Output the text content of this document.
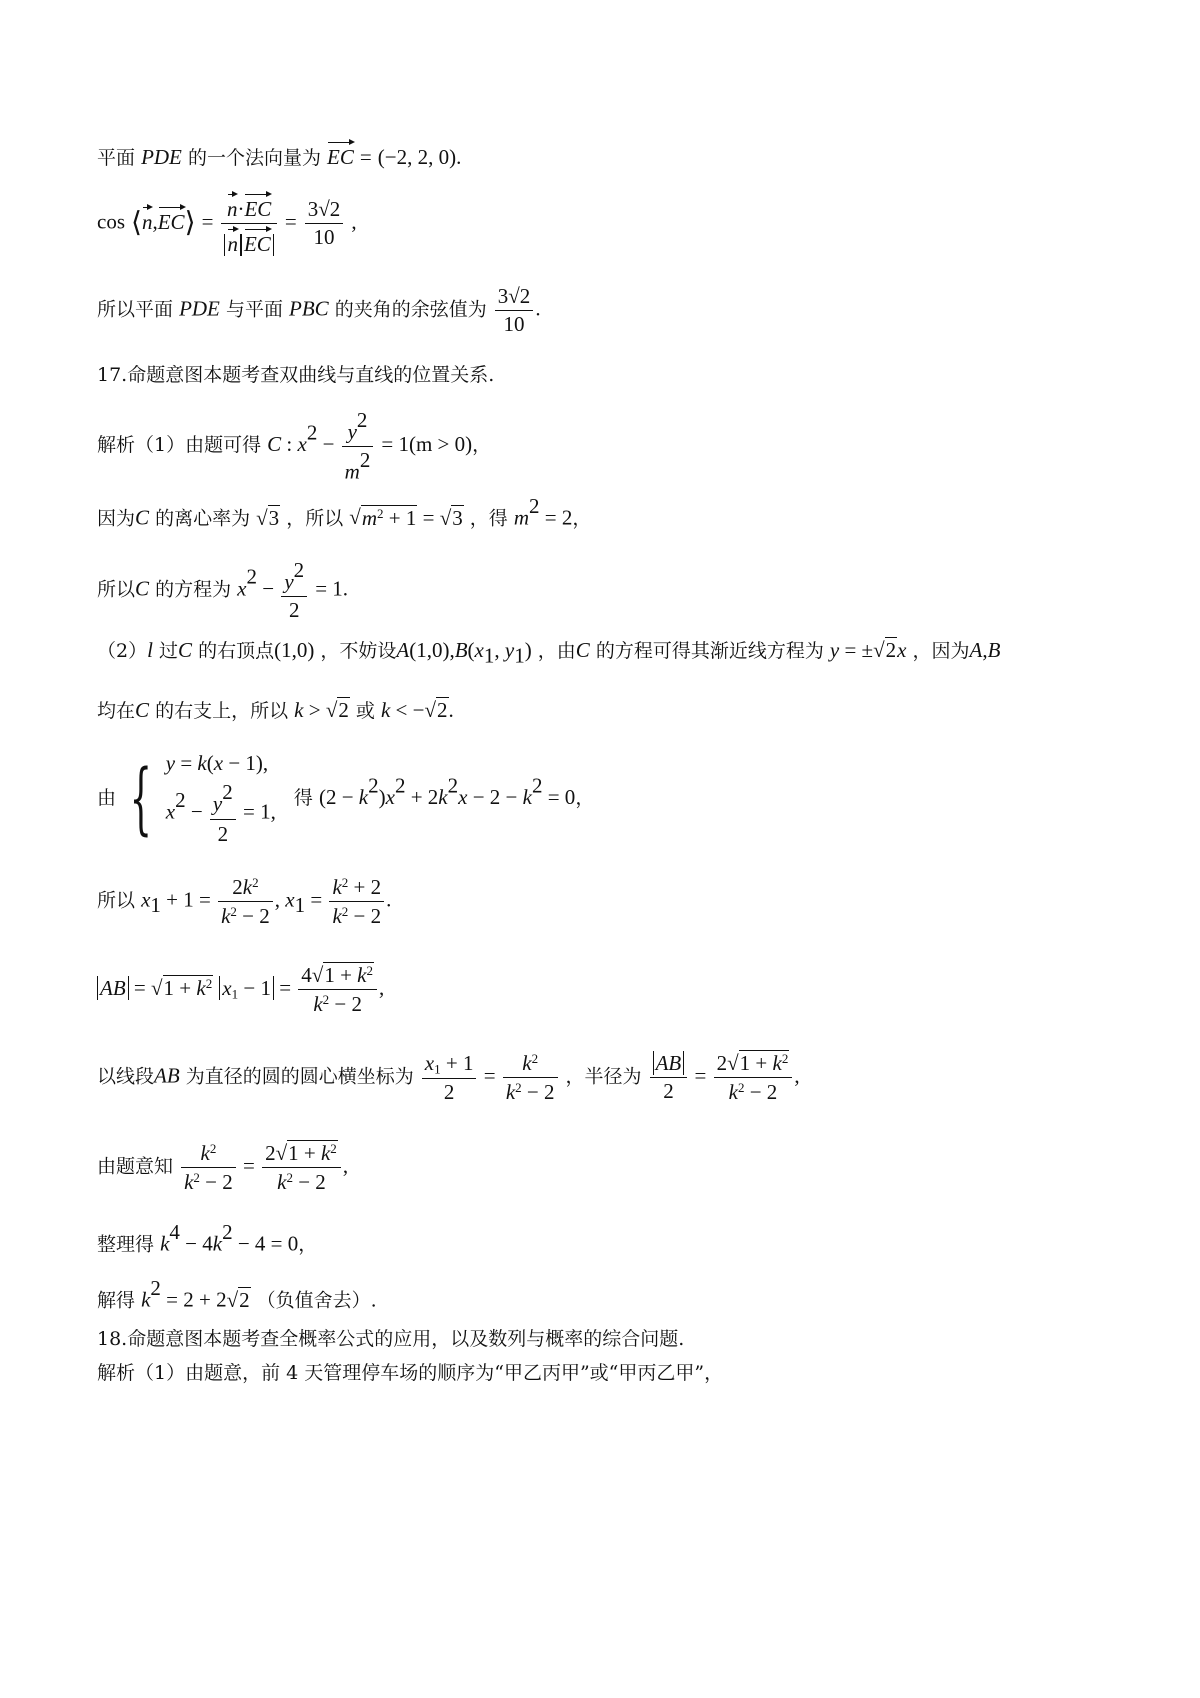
平面 PDE 的一个法向量为 EC = (−2, 2, 0).
cos ⟨n,EC⟩ = $\frac{n\cdot EC}{\text{n EC}} = \frac{3√2}{10}$ ,
所以平面 PDE 与平面 PBC 的夹角的余弦值为 $\frac{3√2}{10}$ .
17.命题意图本题考查双曲线与直线的位置关系.
解析（1）由题可得 C : $x^2 - \frac{y^2}{m^2} = 1(m > 0)$，
因为C 的离心率为 √3 ，所以 $√m^2 + 1 = √3$ ，得 $m^2 = 2$，
所以C 的方程为 $x^2 - \frac{y^2}{2} = 1$.
（2）l 过C 的右顶点(1,0) ，不妨设$A(1,0),B(x_1$, $y_1$) ，由C 的方程可得其渐近线方程为 y = ±√2x ，因为A,B
均在C 的右支上，所以 k > √2 或 k < −√2.
由 { y = k(x − 1),
$x^2 - \frac{y^2}{2} = 1$,
得 $(2 - k^2)x^2 + 2k^2x - 2 - k^2 = 0$，
所以 $x_1 + 1 = \frac{2k^2}{k^2 - 2}$ , $x_1 = \frac{k^2 + 2}{k^2 - 2}$ .
AB = $√1 + k^2$ $x_1 - 1 = \frac{4√1 + k^2}{k^2 - 2}$ ,
以线段AB 为直径的圆的圆心横坐标为 $\frac{x_1 + 1}{2} = \frac{k^2}{k^2 - 2}$ ，半径为 $\frac{AB}{2} = \frac{2√1 + k^2}{k^2 - 2}$ ,
由题意知 $\frac{k^2}{k^2 - 2} = \frac{2√1 + k^2}{k^2 - 2}$ ,
整理得 $k^4 - 4k^2 - 4 = 0$，
解得 $k^2 = 2 + 2√2$ （负值舍去）.
18.命题意图本题考查全概率公式的应用，以及数列与概率的综合问题.
解析（1）由题意，前 4 天管理停车场的顺序为“甲乙丙甲”或“甲丙乙甲”，
